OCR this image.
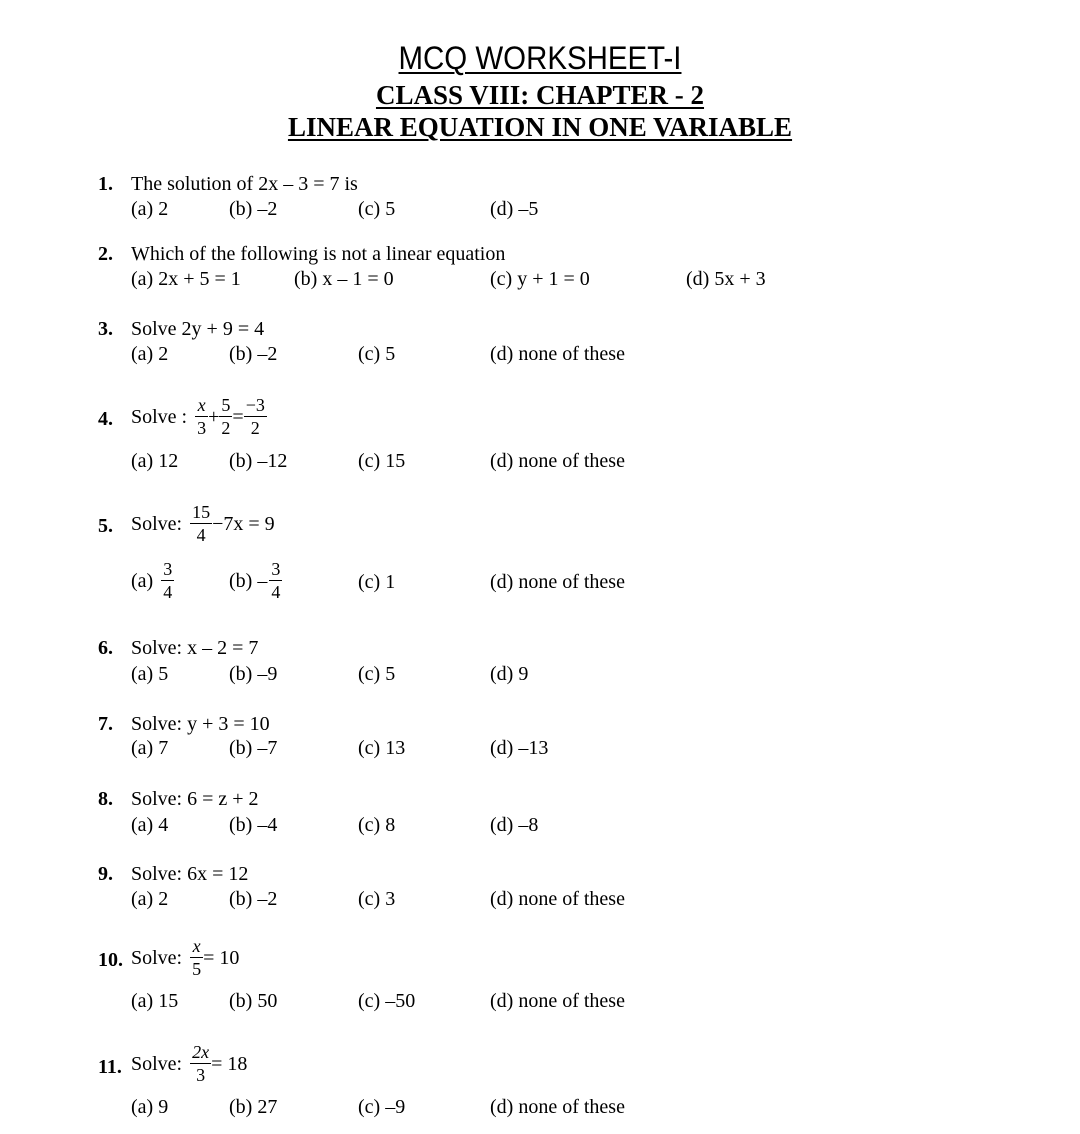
MCQ WORKSHEET-I
CLASS VIII: CHAPTER - 2
LINEAR EQUATION IN ONE VARIABLE
1. The solution of 2x – 3 = 7 is
(a) 2	(b) –2	(c) 5	(d) –5
2. Which of the following is not a linear equation
(a) 2x + 5 = 1	(b) x – 1 = 0	(c) y + 1 = 0	(d) 5x + 3
3. Solve 2y + 9 = 4
(a) 2	(b) –2	(c) 5	(d) none of these
4. Solve : $\frac{x}{3} + \frac{5}{2} = \frac{-3}{2}$
(a) 12	(b) –12	(c) 15	(d) none of these
5. Solve: $\frac{15}{4} -7x = 9$
$(a) \frac{3}{4}$	$(b) - \frac{3}{4}$	(c) 1	(d) none of these
6. Solve: x – 2 = 7
(a) 5	(b) –9	(c) 5	(d) 9
7. Solve: y + 3 = 10
(a) 7	(b) –7	(c) 13	(d) –13
8. Solve: 6 = z + 2
(a) 4	(b) –4	(c) 8	(d) –8
9. Solve: 6x = 12
(a) 2	(b) –2	(c) 3	(d) none of these
10. Solve: $\frac{x}{5} = 10$
(a) 15	(b) 50	(c) –50	(d) none of these
11. Solve: $\frac{2x}{3} = 18$
(a) 9	(b) 27	(c) –9	(d) none of these
